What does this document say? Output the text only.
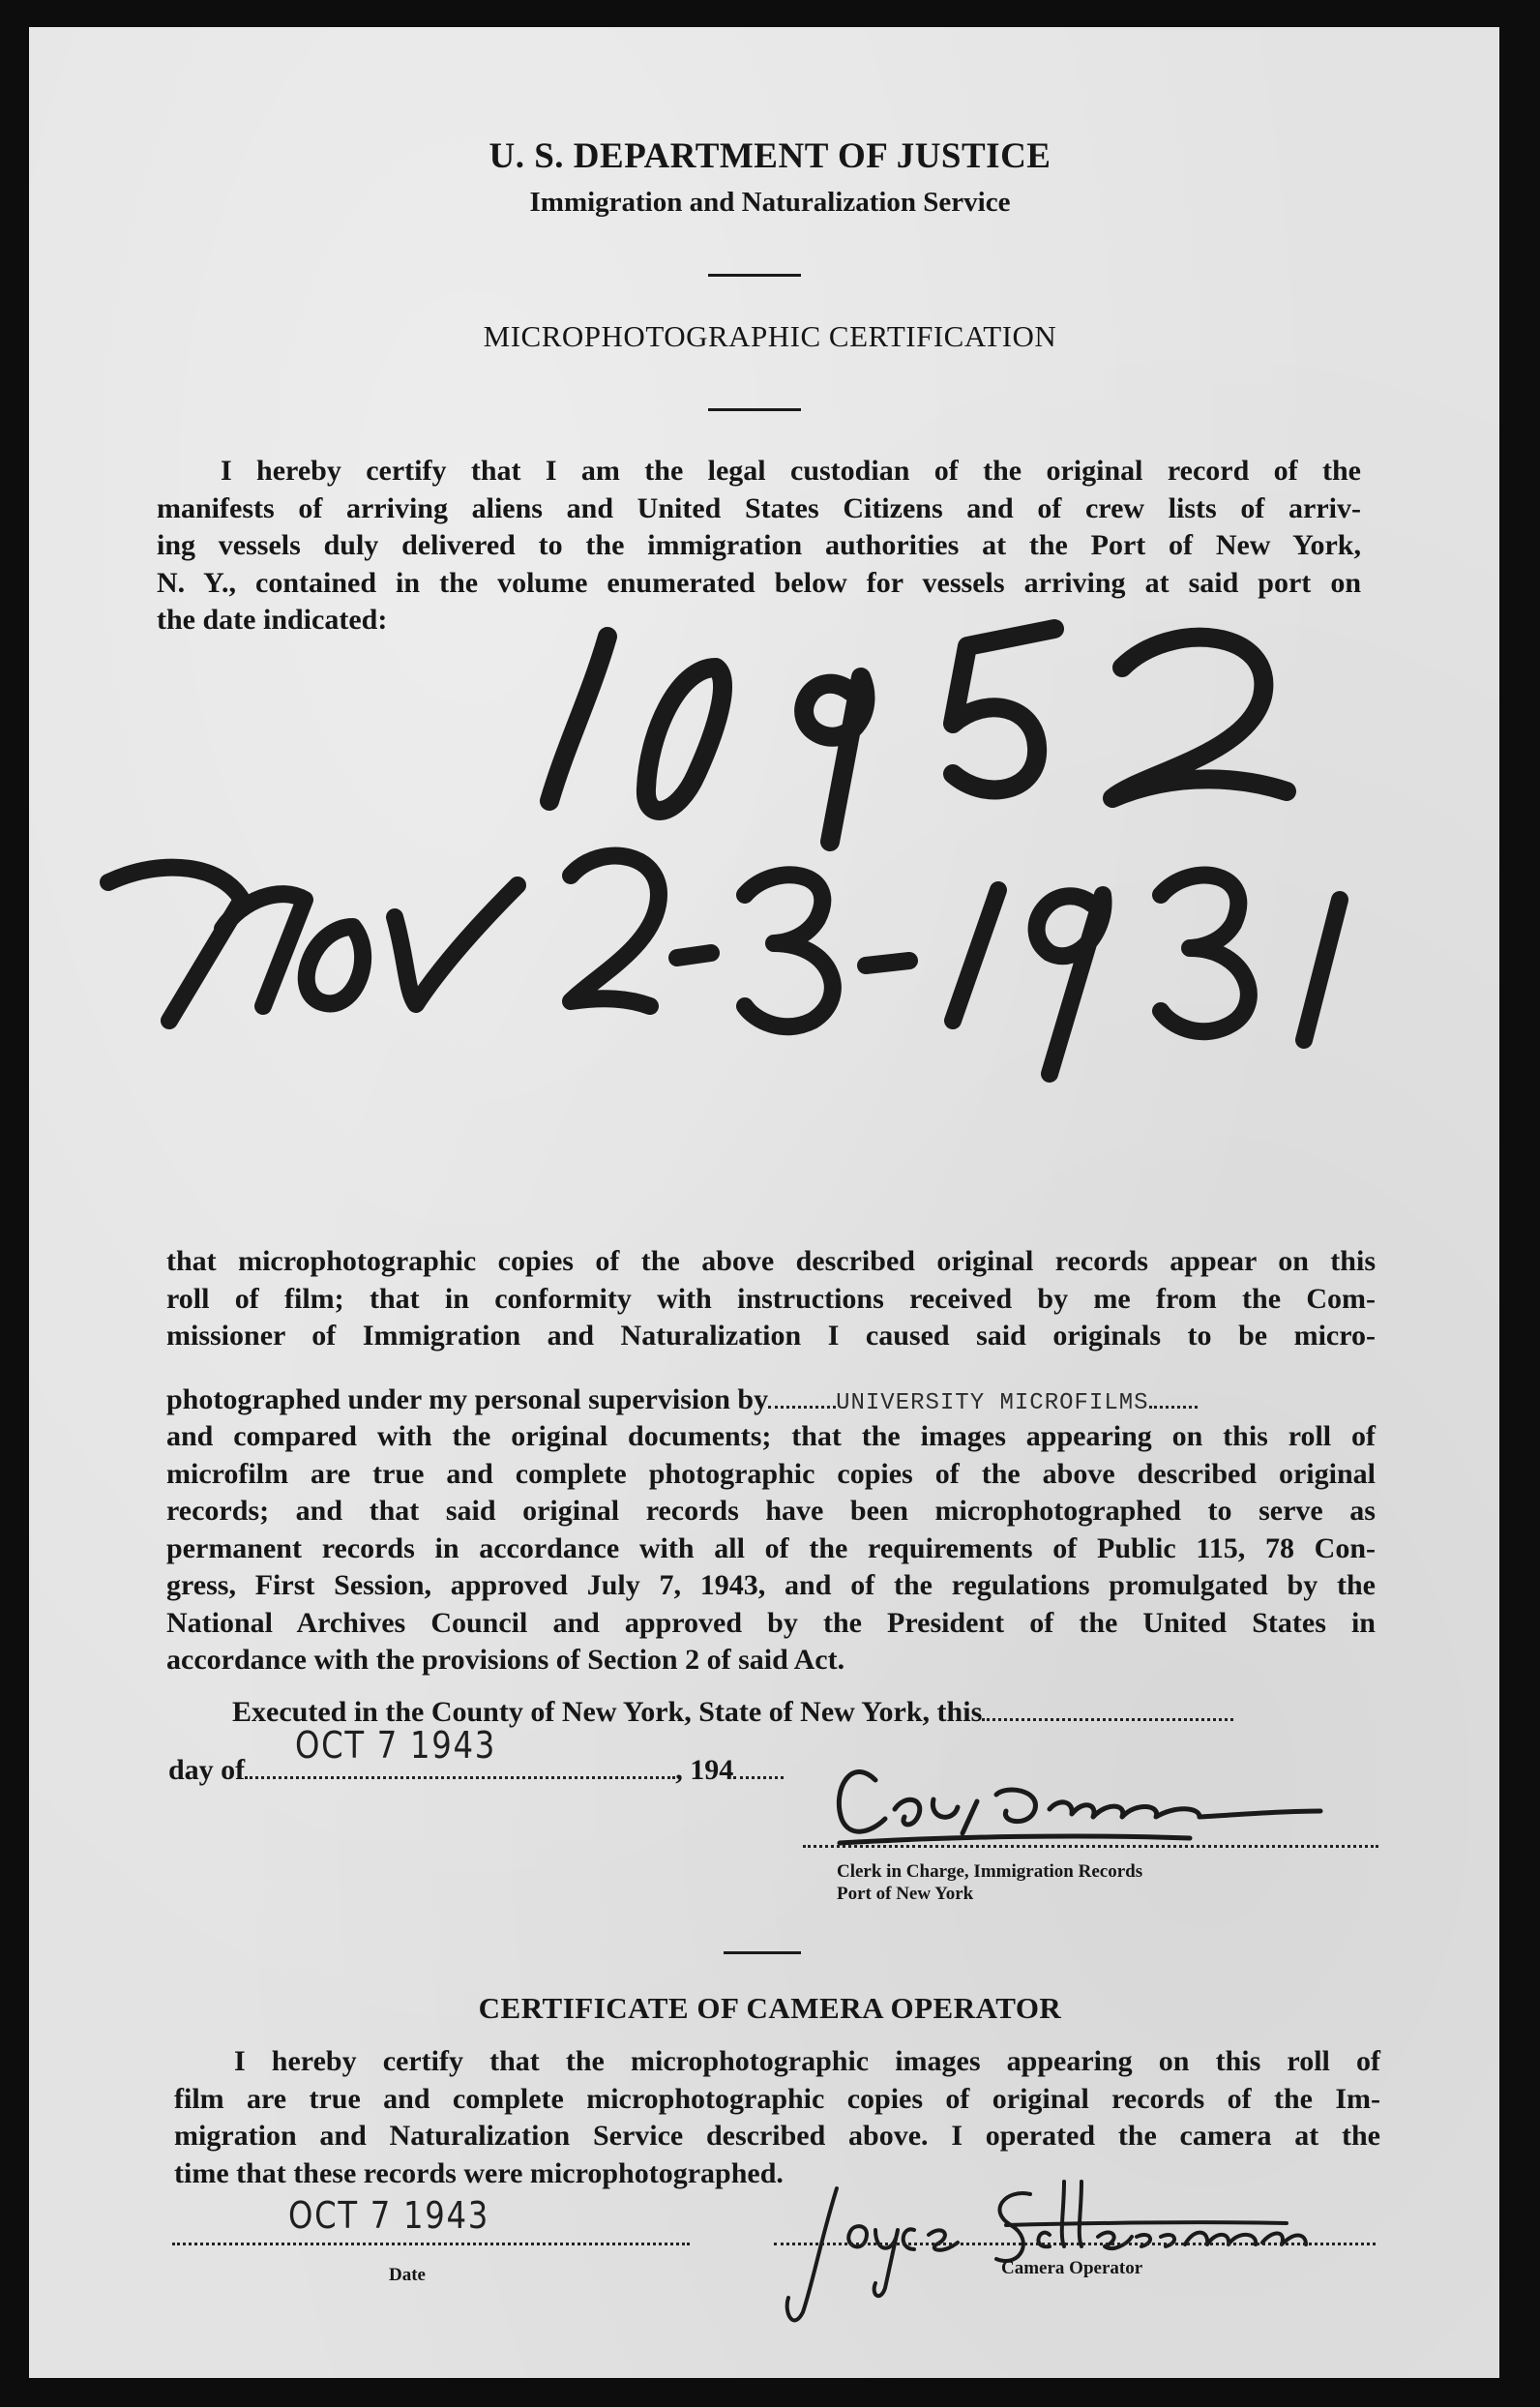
U. S. DEPARTMENT OF JUSTICE
Immigration and Naturalization Service
MICROPHOTOGRAPHIC CERTIFICATION
I hereby certify that I am the legal custodian of the original record of the
manifests of arriving aliens and United States Citizens and of crew lists of arriv-
ing vessels duly delivered to the immigration authorities at the Port of New York,
N. Y., contained in the volume enumerated below for vessels arriving at said port on
the date indicated:
that microphotographic copies of the above described original records appear on this
roll of film; that in conformity with instructions received by me from the Com-
missioner of Immigration and Naturalization I caused said originals to be micro-
photographed under my personal supervision by	UNIVERSITY MICROFILMS
and compared with the original documents; that the images appearing on this roll of
microfilm are true and complete photographic copies of the above described original
records; and that said original records have been microphotographed to serve as
permanent records in accordance with all of the requirements of Public 115, 78 Con-
gress, First Session, approved July 7, 1943, and of the regulations promulgated by the
National Archives Council and approved by the President of the United States in
accordance with the provisions of Section 2 of said Act.
Executed in the County of New York, State of New York, this
day of	, 194
OCT 7 1943
Clerk in Charge, Immigration Records
Port of New York
CERTIFICATE OF CAMERA OPERATOR
I hereby certify that the microphotographic images appearing on this roll of
film are true and complete microphotographic copies of original records of the Im-
migration and Naturalization Service described above. I operated the camera at the
time that these records were microphotographed.
OCT 7 1943
Date	Camera Operator
